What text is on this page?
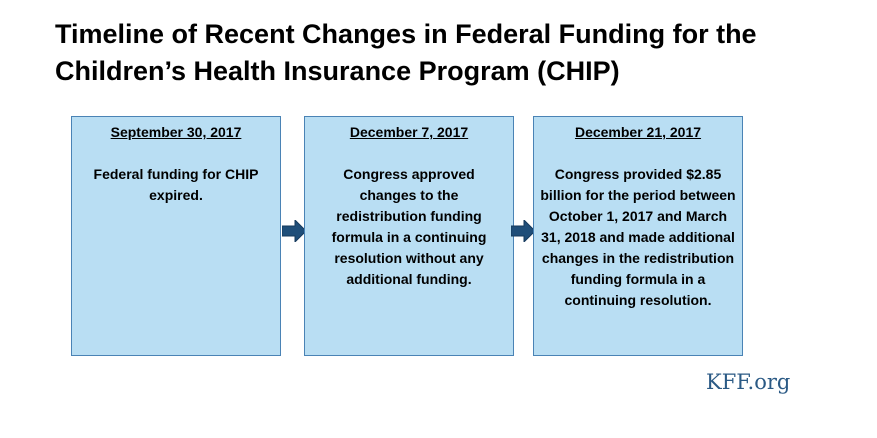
Timeline of Recent Changes in Federal Funding for the
Children’s Health Insurance Program (CHIP)
September 30, 2017
Federal funding for CHIP expired.
December 7, 2017
Congress approved changes to the redistribution funding formula in a continuing resolution without any additional funding.
December 21, 2017
Congress provided $2.85 billion for the period between October 1, 2017 and March 31, 2018 and made additional changes in the redistribution funding formula in a continuing resolution.
KFF.org
